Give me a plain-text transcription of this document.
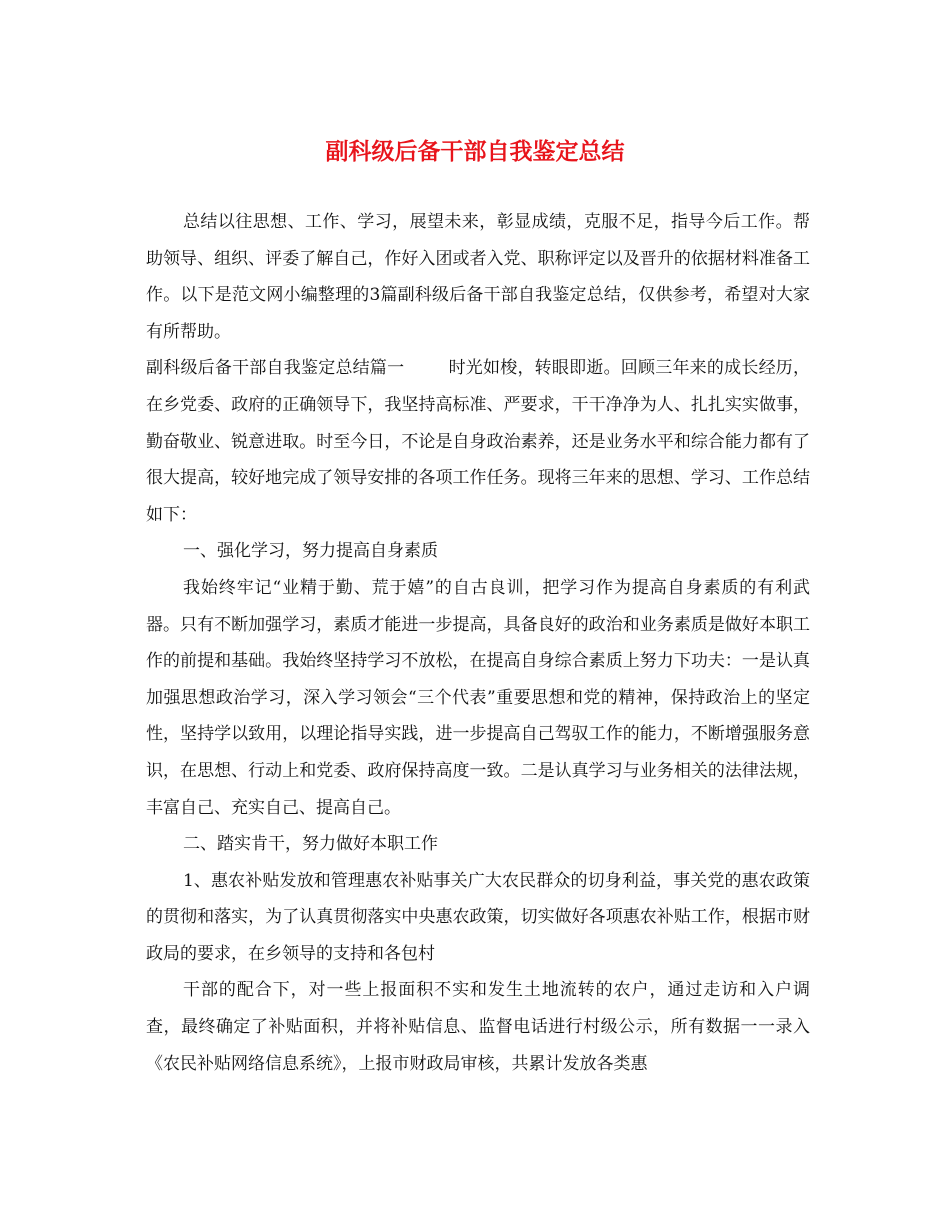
副科级后备干部自我鉴定总结

总结以往思想、工作、学习，展望未来，彰显成绩，克服不足，指导今后工作。帮助领导、组织、评委了解自己，作好入团或者入党、职称评定以及晋升的依据材料准备工作。以下是范文网小编整理的3篇副科级后备干部自我鉴定总结，仅供参考，希望对大家有所帮助。

副科级后备干部自我鉴定总结篇一	时光如梭，转眼即逝。回顾三年来的成长经历，在乡党委、政府的正确领导下，我坚持高标准、严要求，干干净净为人、扎扎实实做事，勤奋敬业、锐意进取。时至今日，不论是自身政治素养，还是业务水平和综合能力都有了很大提高，较好地完成了领导安排的各项工作任务。现将三年来的思想、学习、工作总结如下：

一、强化学习，努力提高自身素质

我始终牢记“业精于勤、荒于嬉”的自古良训，把学习作为提高自身素质的有利武器。只有不断加强学习，素质才能进一步提高，具备良好的政治和业务素质是做好本职工作的前提和基础。我始终坚持学习不放松，在提高自身综合素质上努力下功夫：一是认真加强思想政治学习，深入学习领会“三个代表”重要思想和党的精神，保持政治上的坚定性，坚持学以致用，以理论指导实践，进一步提高自己驾驭工作的能力，不断增强服务意识，在思想、行动上和党委、政府保持高度一致。二是认真学习与业务相关的法律法规，丰富自己、充实自己、提高自己。

二、踏实肯干，努力做好本职工作

1、惠农补贴发放和管理惠农补贴事关广大农民群众的切身利益，事关党的惠农政策的贯彻和落实，为了认真贯彻落实中央惠农政策，切实做好各项惠农补贴工作，根据市财政局的要求，在乡领导的支持和各包村

干部的配合下，对一些上报面积不实和发生土地流转的农户，通过走访和入户调查，最终确定了补贴面积，并将补贴信息、监督电话进行村级公示，所有数据一一录入《农民补贴网络信息系统》，上报市财政局审核，共累计发放各类惠
